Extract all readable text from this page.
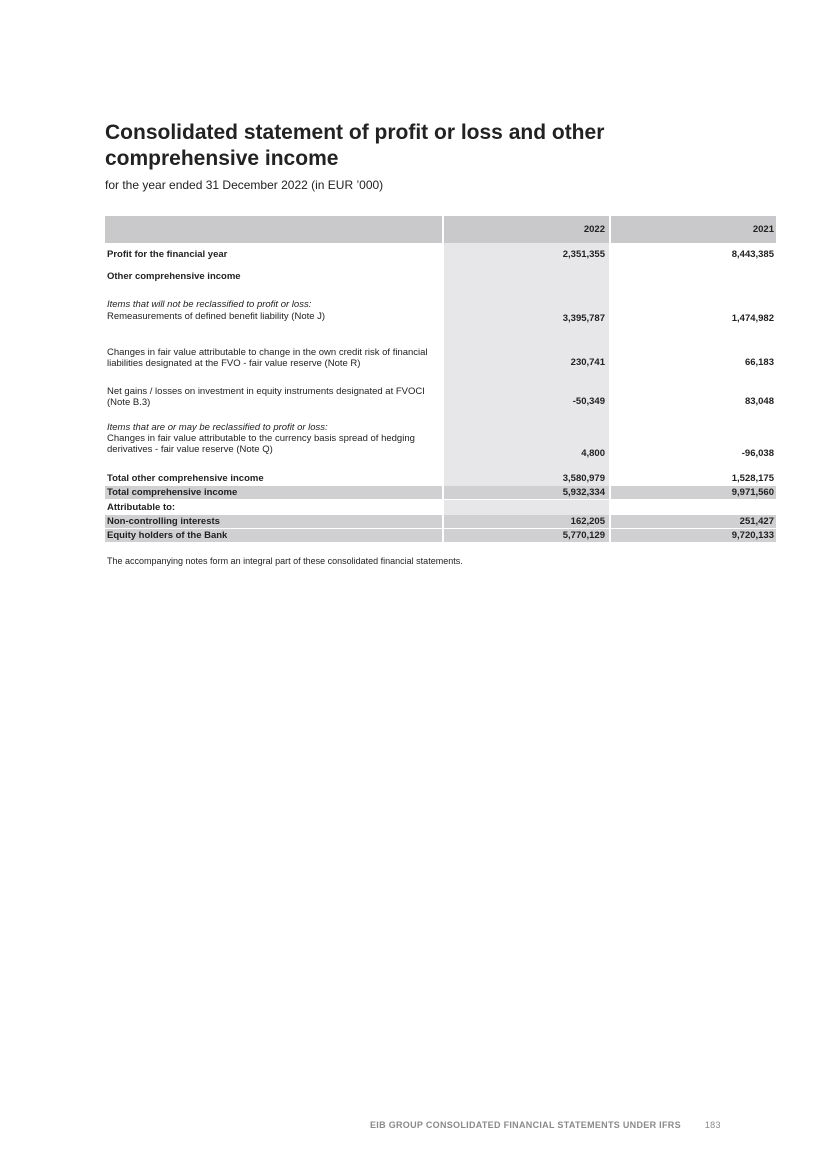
Consolidated statement of profit or loss and other comprehensive income
for the year ended 31 December 2022 (in EUR ’000)
2022	2021
Profit for the financial year	2,351,355	8,443,385
Other comprehensive income
Items that will not be reclassified to profit or loss:
Remeasurements of defined benefit liability (Note J)	3,395,787	1,474,982
Changes in fair value attributable to change in the own credit risk of financial liabilities designated at the FVO - fair value reserve (Note R)	230,741	66,183
Net gains / losses on investment in equity instruments designated at FVOCI (Note B.3)	-50,349	83,048
Items that are or may be reclassified to profit or loss:
Changes in fair value attributable to the currency basis spread of hedging derivatives - fair value reserve (Note Q)	4,800	-96,038
Total other comprehensive income	3,580,979	1,528,175
Total comprehensive income	5,932,334	9,971,560
Attributable to:
Non-controlling interests	162,205	251,427
Equity holders of the Bank	5,770,129	9,720,133
The accompanying notes form an integral part of these consolidated financial statements.
EIB GROUP CONSOLIDATED FINANCIAL STATEMENTS UNDER IFRS	183
